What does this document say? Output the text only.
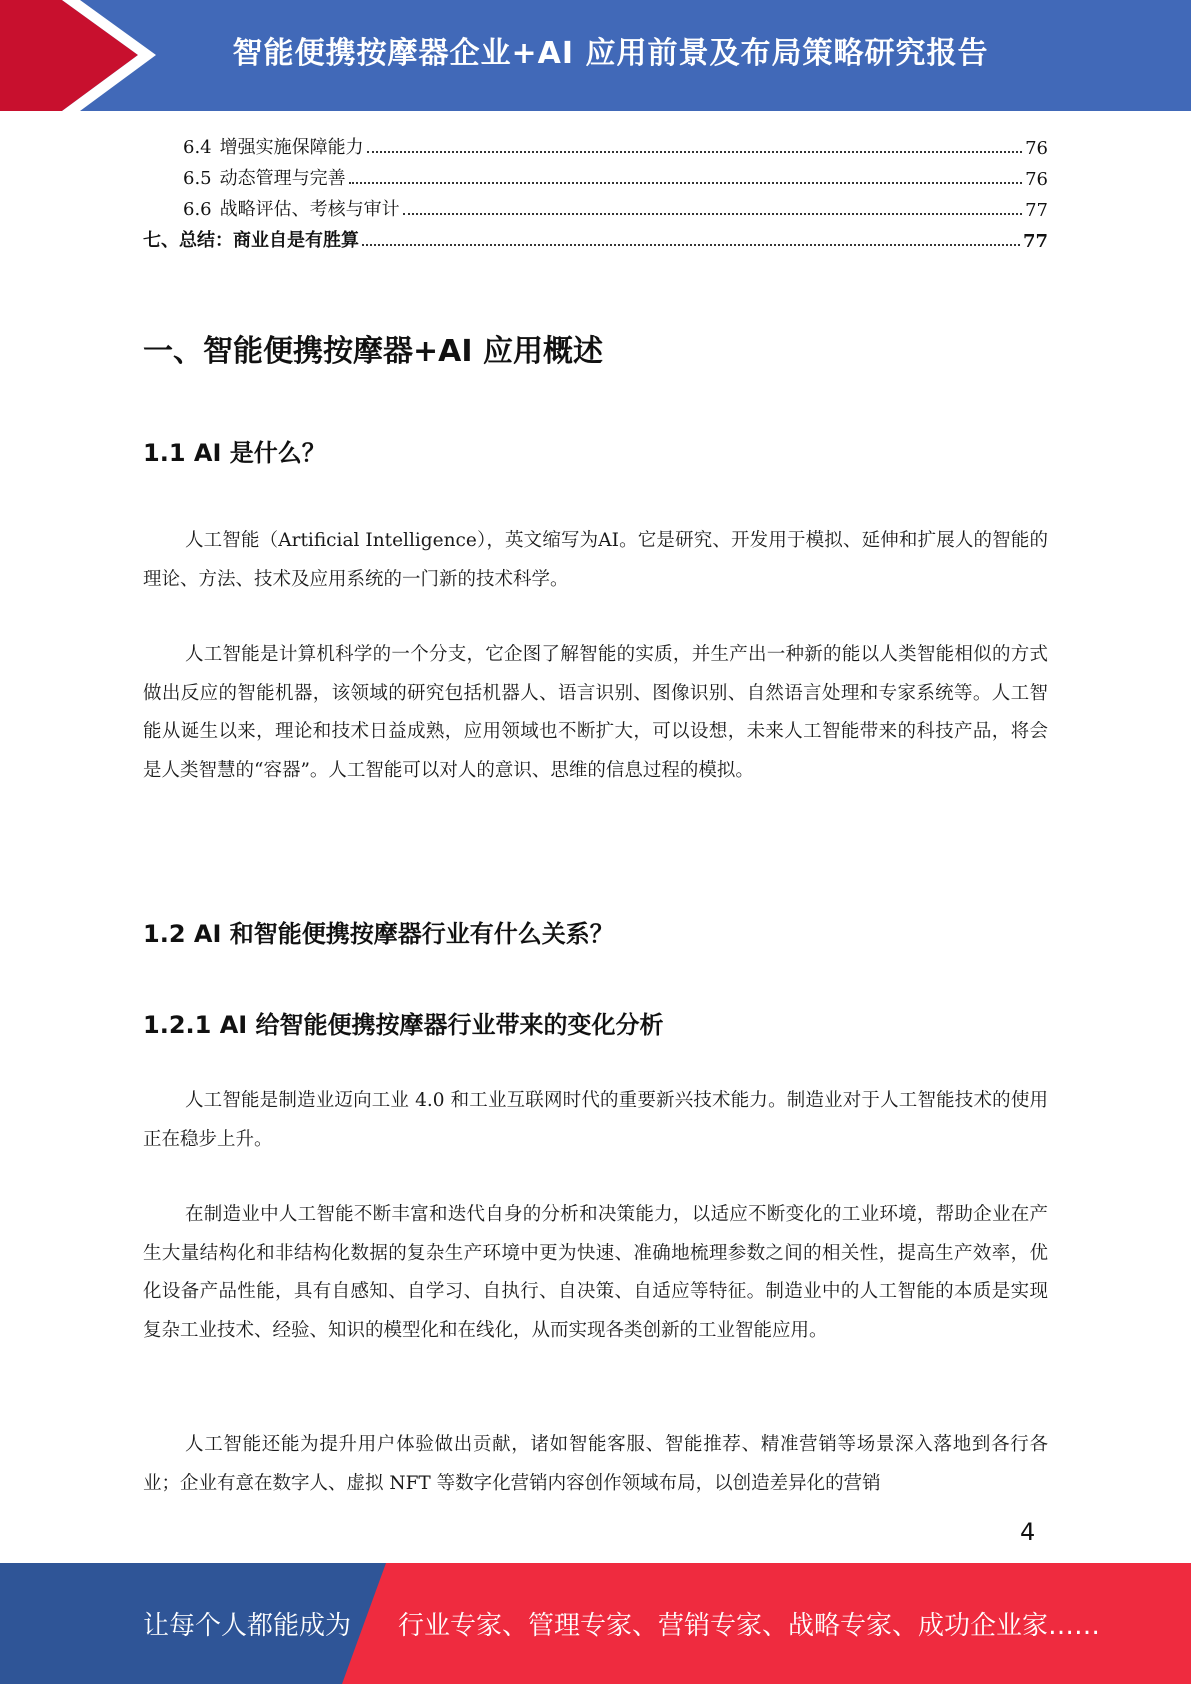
智能便携按摩器企业+AI 应用前景及布局策略研究报告
6.4 增强实施保障能力	76
6.5 动态管理与完善	76
6.6 战略评估、考核与审计	77
七、总结：商业自是有胜算	77
一、智能便携按摩器+AI 应用概述
1.1 AI 是什么？

人工智能（Artificial Intelligence），英文缩写为AI。它是研究、开发用于模拟、延伸和扩展人的智能的理论、方法、技术及应用系统的一门新的技术科学。

人工智能是计算机科学的一个分支，它企图了解智能的实质，并生产出一种新的能以人类智能相似的方式做出反应的智能机器，该领域的研究包括机器人、语言识别、图像识别、自然语言处理和专家系统等。人工智能从诞生以来，理论和技术日益成熟，应用领域也不断扩大，可以设想，未来人工智能带来的科技产品，将会是人类智慧的“容器”。人工智能可以对人的意识、思维的信息过程的模拟。

1.2 AI 和智能便携按摩器行业有什么关系？
1.2.1 AI 给智能便携按摩器行业带来的变化分析

人工智能是制造业迈向工业 4.0 和工业互联网时代的重要新兴技术能力。制造业对于人工智能技术的使用正在稳步上升。

在制造业中人工智能不断丰富和迭代自身的分析和决策能力，以适应不断变化的工业环境，帮助企业在产生大量结构化和非结构化数据的复杂生产环境中更为快速、准确地梳理参数之间的相关性，提高生产效率，优化设备产品性能，具有自感知、自学习、自执行、自决策、自适应等特征。制造业中的人工智能的本质是实现复杂工业技术、经验、知识的模型化和在线化，从而实现各类创新的工业智能应用。

人工智能还能为提升用户体验做出贡献，诸如智能客服、智能推荐、精准营销等场景深入落地到各行各业；企业有意在数字人、虚拟 NFT 等数字化营销内容创作领域布局，以创造差异化的营销

4
让每个人都能成为 行业专家、管理专家、营销专家、战略专家、成功企业家……
